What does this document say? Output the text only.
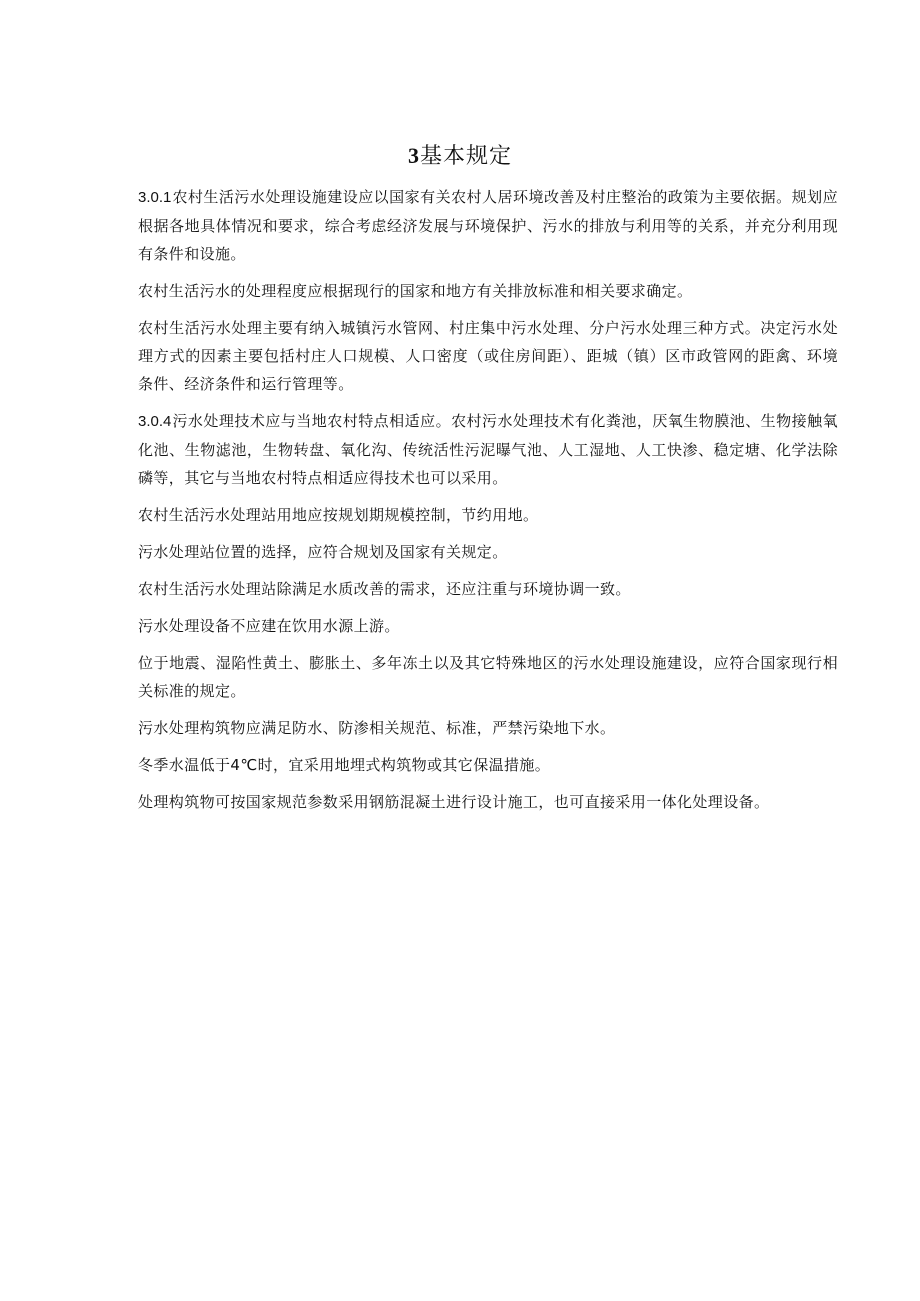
3基本规定

3.0.1农村生活污水处理设施建设应以国家有关农村人居环境改善及村庄整治的政策为主要依据。规划应根据各地具体情况和要求，综合考虑经济发展与环境保护、污水的排放与利用等的关系，并充分利用现有条件和设施。

农村生活污水的处理程度应根据现行的国家和地方有关排放标准和相关要求确定。

农村生活污水处理主要有纳入城镇污水管网、村庄集中污水处理、分户污水处理三种方式。决定污水处理方式的因素主要包括村庄人口规模、人口密度（或住房间距）、距城（镇）区市政管网的距禽、环境条件、经济条件和运行管理等。

3.0.4污水处理技术应与当地农村特点相适应。农村污水处理技术有化粪池，厌氧生物膜池、生物接触氧化池、生物滤池，生物转盘、氧化沟、传统活性污泥曝气池、人工湿地、人工快渗、稳定塘、化学法除磷等，其它与当地农村特点相适应得技术也可以采用。

农村生活污水处理站用地应按规划期规模控制，节约用地。

污水处理站位置的选择，应符合规划及国家有关规定。

农村生活污水处理站除满足水质改善的需求，还应注重与环境协调一致。

污水处理设备不应建在饮用水源上游。

位于地震、湿陷性黄土、膨胀土、多年冻土以及其它特殊地区的污水处理设施建设，应符合国家现行相关标准的规定。

污水处理构筑物应满足防水、防渗相关规范、标准，严禁污染地下水。

冬季水温低于4℃时，宜采用地埋式构筑物或其它保温措施。

处理构筑物可按国家规范参数采用钢筋混凝土进行设计施工，也可直接采用一体化处理设备。
